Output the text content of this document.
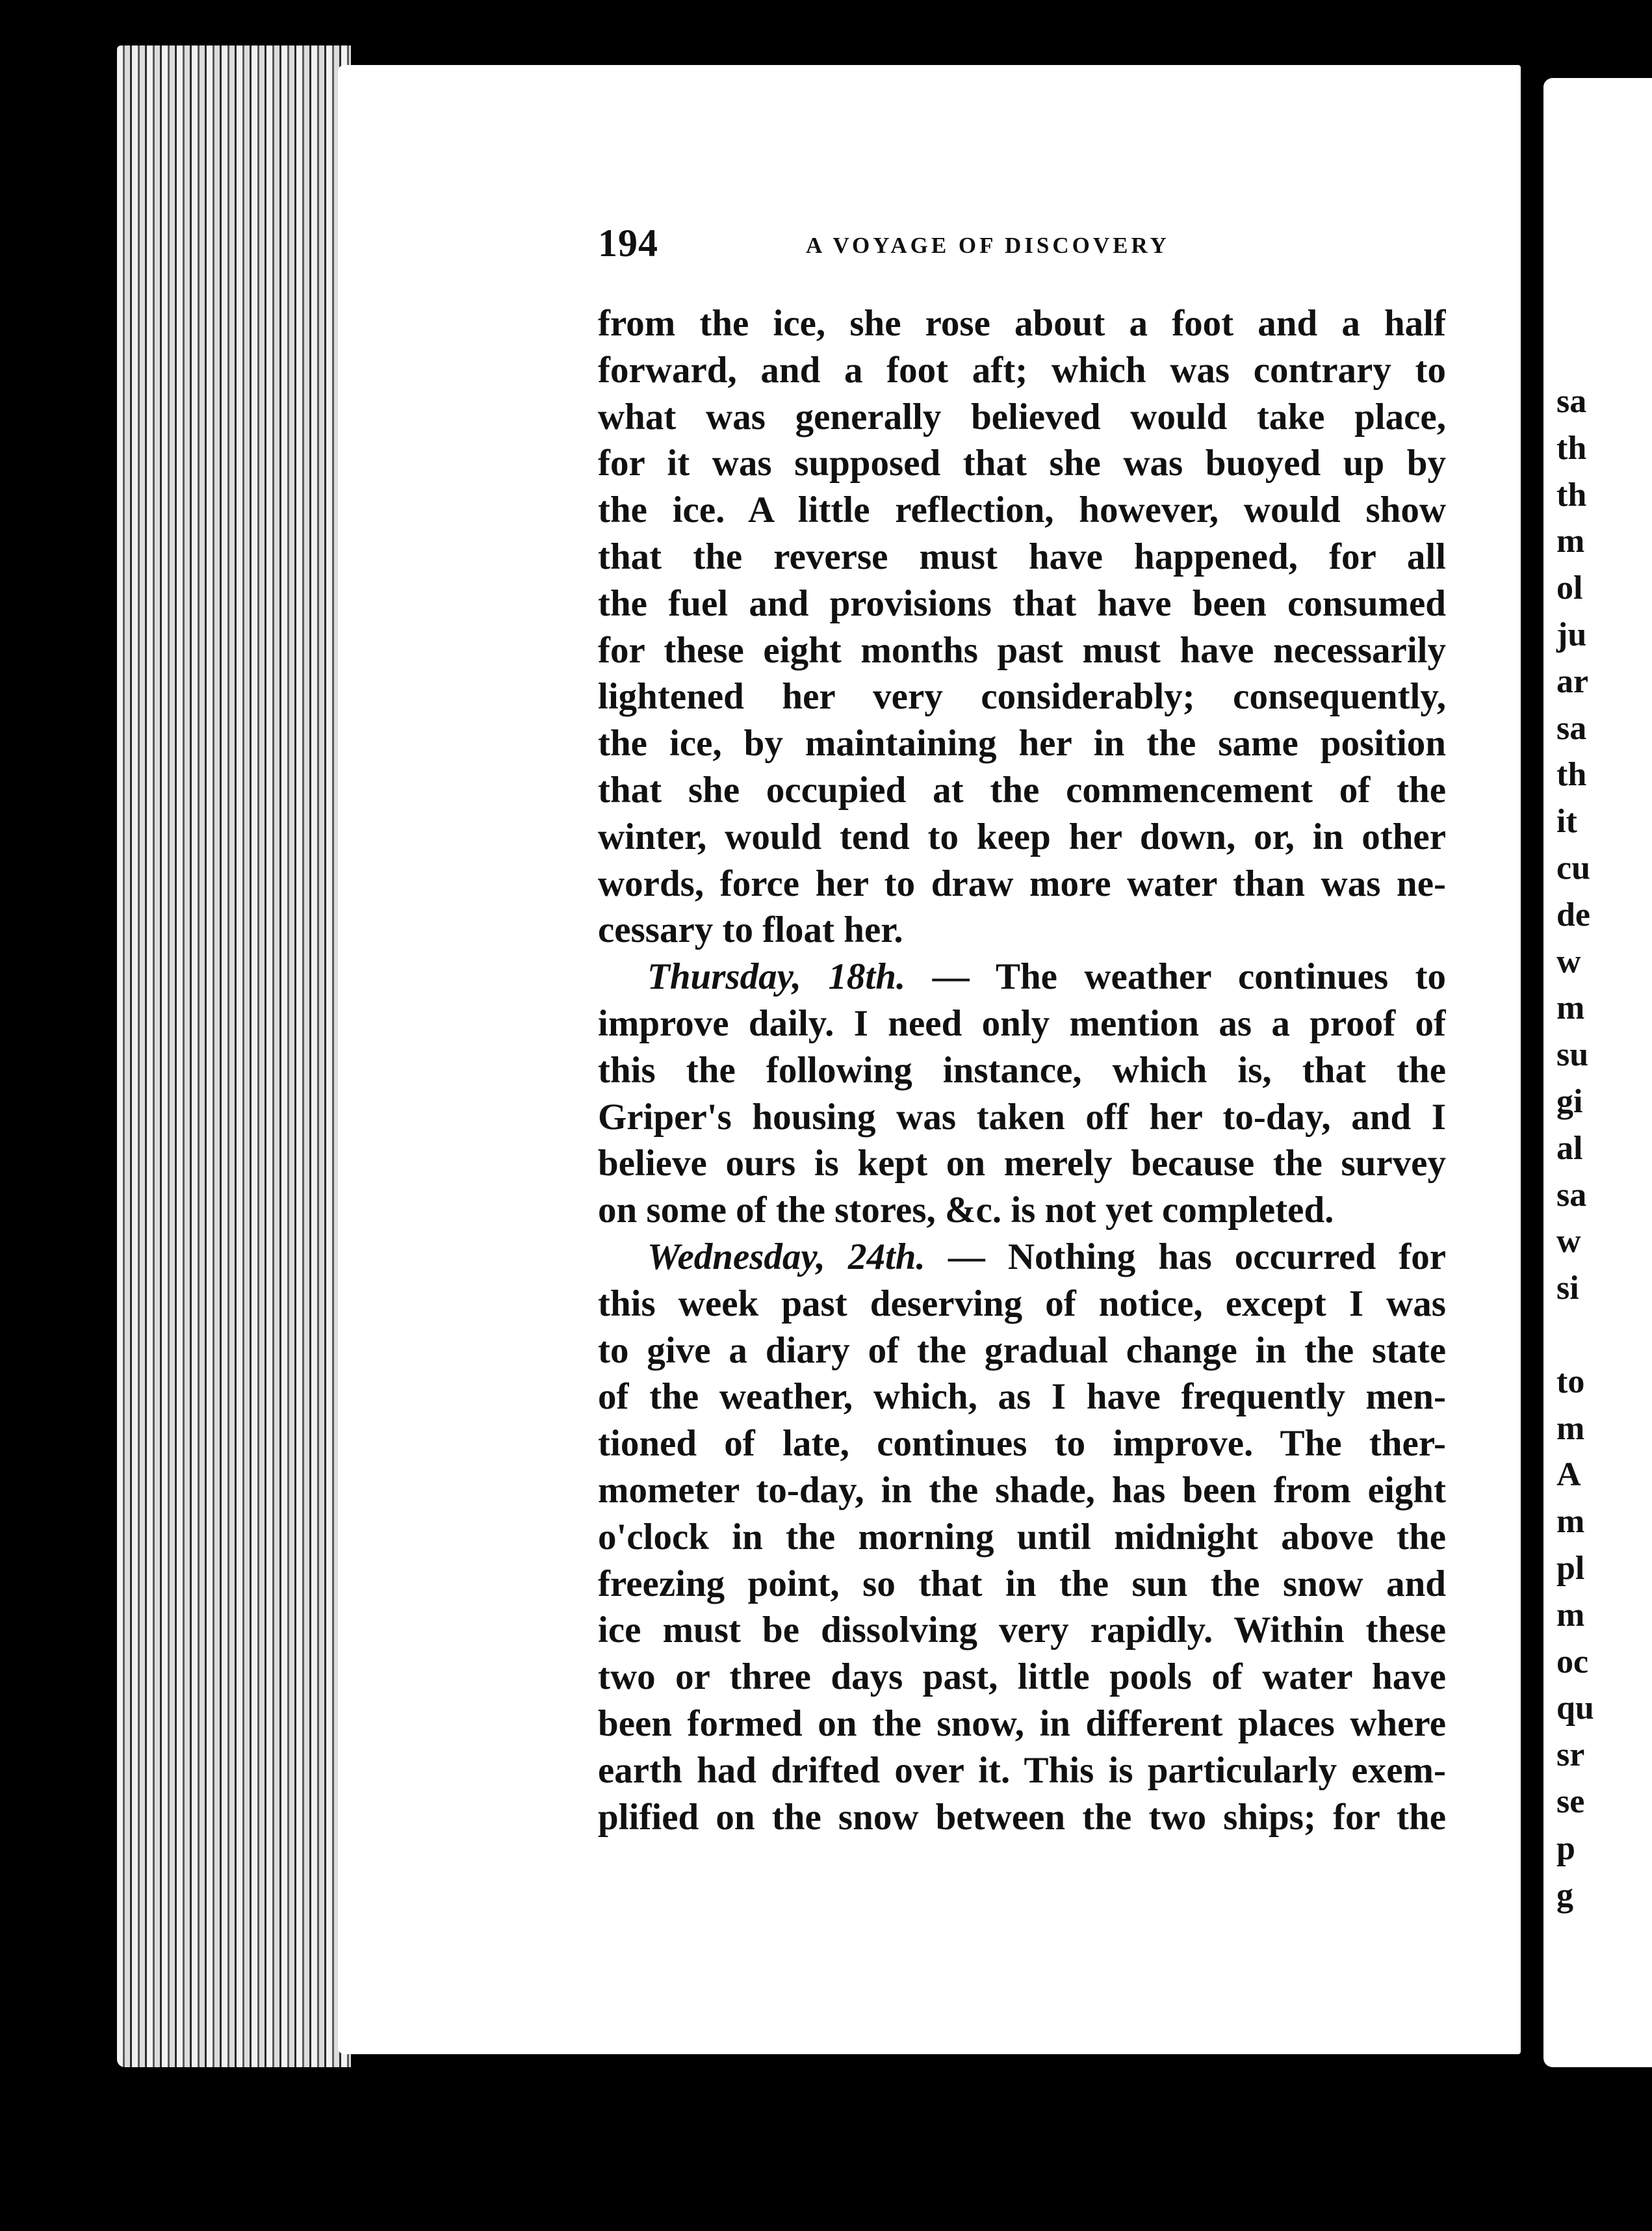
194	A VOYAGE OF DISCOVERY
from the ice, she rose about a foot and a half
forward, and a foot aft; which was contrary to
what was generally believed would take place,
for it was supposed that she was buoyed up by
the ice. A little reflection, however, would show
that the reverse must have happened, for all
the fuel and provisions that have been consumed
for these eight months past must have necessarily
lightened her very considerably; consequently,
the ice, by maintaining her in the same position
that she occupied at the commencement of the
winter, would tend to keep her down, or, in other
words, force her to draw more water than was ne-
cessary to float her.
Thursday, 18th. — The weather continues to
improve daily. I need only mention as a proof of
this the following instance, which is, that the
Griper's housing was taken off her to-day, and I
believe ours is kept on merely because the survey
on some of the stores, &c. is not yet completed.
Wednesday, 24th. — Nothing has occurred for
this week past deserving of notice, except I was
to give a diary of the gradual change in the state
of the weather, which, as I have frequently men-
tioned of late, continues to improve. The ther-
mometer to-day, in the shade, has been from eight
o'clock in the morning until midnight above the
freezing point, so that in the sun the snow and
ice must be dissolving very rapidly. Within these
two or three days past, little pools of water have
been formed on the snow, in different places where
earth had drifted over it. This is particularly exem-
plified on the snow between the two ships; for the
sa
th
th
m
ol
ju
ar
sa
th
it
cu
de
w
m
su
gi
al
sa
w
si
to
m
A
m
pl
m
oc
qu
sr
se
p
g
